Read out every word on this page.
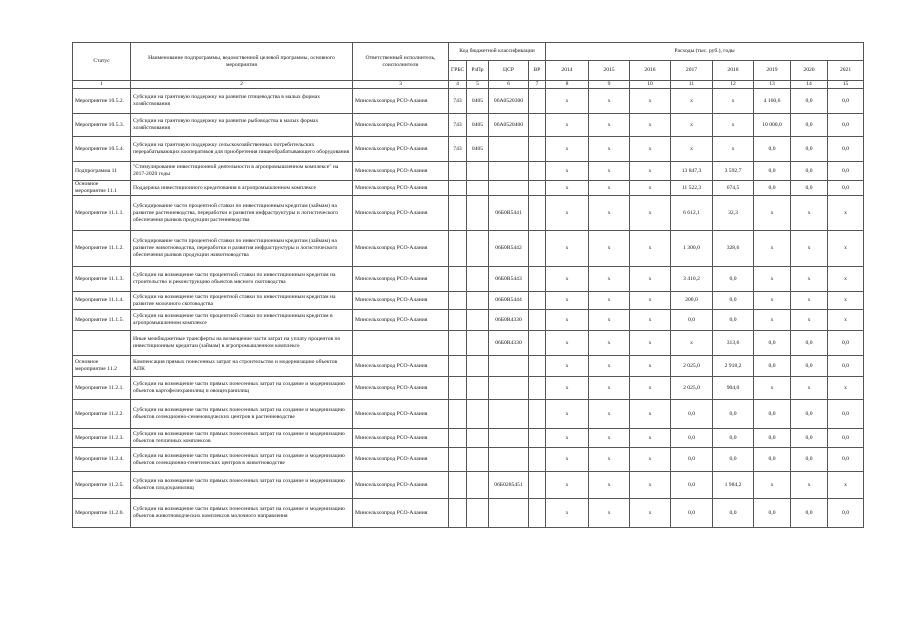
Статус	Наименование подпрограммы, ведомственной целевой программы, основного мероприятия	Ответственный исполнитель, соисполнители	Код бюджетной классификации				Расходы (тыс. руб.), годы							
			ГРБС	РзПр	ЦСР	ВР	2014	2015	2016	2017	2018	2019	2020	2021
1	2	3	4	5	6	7	8	9	10	11	12	13	14	15
Мероприятие 10.5.2.	Субсидии на грантовую поддержку на развитие птицеводства в малых формах хозяйствования	Минсельхозпрод РСО-Алания	743	0405	06А0520300		x	x	x	x	x	4 160,6	0,0	0,0
Мероприятие 10.5.3.	Субсидии на грантовую поддержку на развитие рыбоводства в малых формах хозяйствования	Минсельхозпрод РСО-Алания	743	0405	06А0520400		x	x	x	x	x	10 000,0	0,0	0,0
Мероприятие 10.5.4.	Субсидии на грантовую поддержку сельскохозяйственных потребительских перерабатывающих кооперативов для приобретения пищеобрабатывающего оборудования	Минсельхозпрод РСО-Алания	743	0405			x	x	x	x	x	0,0	0,0	0,0
Подпрограмма 11	"Стимулирование инвестиционной деятельности в агропромышленном комплексе" на 2017-2020 годы	Минсельхозпрод РСО-Алания					x	x	x	13 847,3	3 592,7	0,0	0,0	0,0
Основное мероприятие 11.1	Поддержка инвестиционного кредитования в агропромышленном комплексе	Минсельхозпрод РСО-Алания					x	x	x	11 522,3	674,5	0,0	0,0	0,0
Мероприятие 11.1.1.	Субсидирование части процентной ставки по инвестиционным кредитам (займам) на развитие растениеводства, переработки и развития инфраструктуры и логистического обеспечения рынков продукции растениеводства	Минсельхозпрод РСО-Алания			06Б0R5441		x	x	x	6 612,1	32,3	x	x	x
Мероприятие 11.1.2.	Субсидирование части процентной ставки по инвестиционным кредитам (займам) на развитие животноводства, переработки и развития инфраструктуры и логистического обеспечения рынков продукции животноводства	Минсельхозпрод РСО-Алания			06Б0R5442		x	x	x	1 300,0	328,6	x	x	x
Мероприятие 11.1.3.	Субсидии на возмещение части процентной ставки по инвестиционным кредитам на строительство и реконструкцию объектов мясного скотоводства	Минсельхозпрод РСО-Алания			06Б0R5443		x	x	x	3 410,2	0,0	x	x	x
Мероприятие 11.1.4.	Субсидии на возмещение части процентной ставки по инвестиционным кредитам на развитие молочного скотоводства	Минсельхозпрод РСО-Алания			06Б0R5444		x	x	x	200,0	0,0	x	x	x
Мероприятие 11.1.5.	Субсидии на возмещение части процентной ставки по инвестиционным кредитам в агропромышленном комплексе	Минсельхозпрод РСО-Алания			06Б0R4330		x	x	x	0,0	0,0	x	x	x
	Иные межбюджетные трансферты на возмещение части затрат на уплату процентов по инвестиционным кредитам (займам) в агропромышленном комплексе				06Б0R4330		x	x	x	x	313,6	0,0	0,0	0,0
Основное мероприятие 11.2	Компенсация прямых понесенных затрат на строительство и модернизацию объектов АПК	Минсельхозпрод РСО-Алания					x	x	x	2 025,0	2 918,2	0,0	0,0	0,0
Мероприятие 11.2.1.	Субсидии на возмещение части прямых понесенных затрат на создание и модернизацию объектов картофелехранилищ и овощехранилищ	Минсельхозпрод РСО-Алания					x	x	x	2 025,0	904,0	x	x	x
Мероприятие 11.2.2.	Субсидии на возмещение части прямых понесенных затрат на создание и модернизацию объектов селекционно-семеноводческих центров в растениеводстве	Минсельхозпрод РСО-Алания					x	x	x	0,0	0,0	0,0	0,0	0,0
Мероприятие 11.2.3.	Субсидии на возмещение части прямых понесенных затрат на создание и модернизацию объектов тепличных комплексов	Минсельхозпрод РСО-Алания					x	x	x	0,0	0,0	0,0	0,0	0,0
Мероприятие 11.2.4.	Субсидии на возмещение части прямых понесенных затрат на создание и модернизацию объектов селекционно-генетических центров в животноводстве	Минсельхозпрод РСО-Алания					x	x	x	0,0	0,0	0,0	0,0	0,0
Мероприятие 11.2.5.	Субсидии на возмещение части прямых понесенных затрат на создание и модернизацию объектов плодохранилищ	Минсельхозпрод РСО-Алания			06Б0285451		x	x	x	0,0	1 984,2	x	x	x
Мероприятие 11.2.6.	Субсидии на возмещение части прямых понесенных затрат на создание и модернизацию объектов животноводческих комплексов молочного направления	Минсельхозпрод РСО-Алания					x	x	x	0,0	0,0	0,0	0,0	0,0
